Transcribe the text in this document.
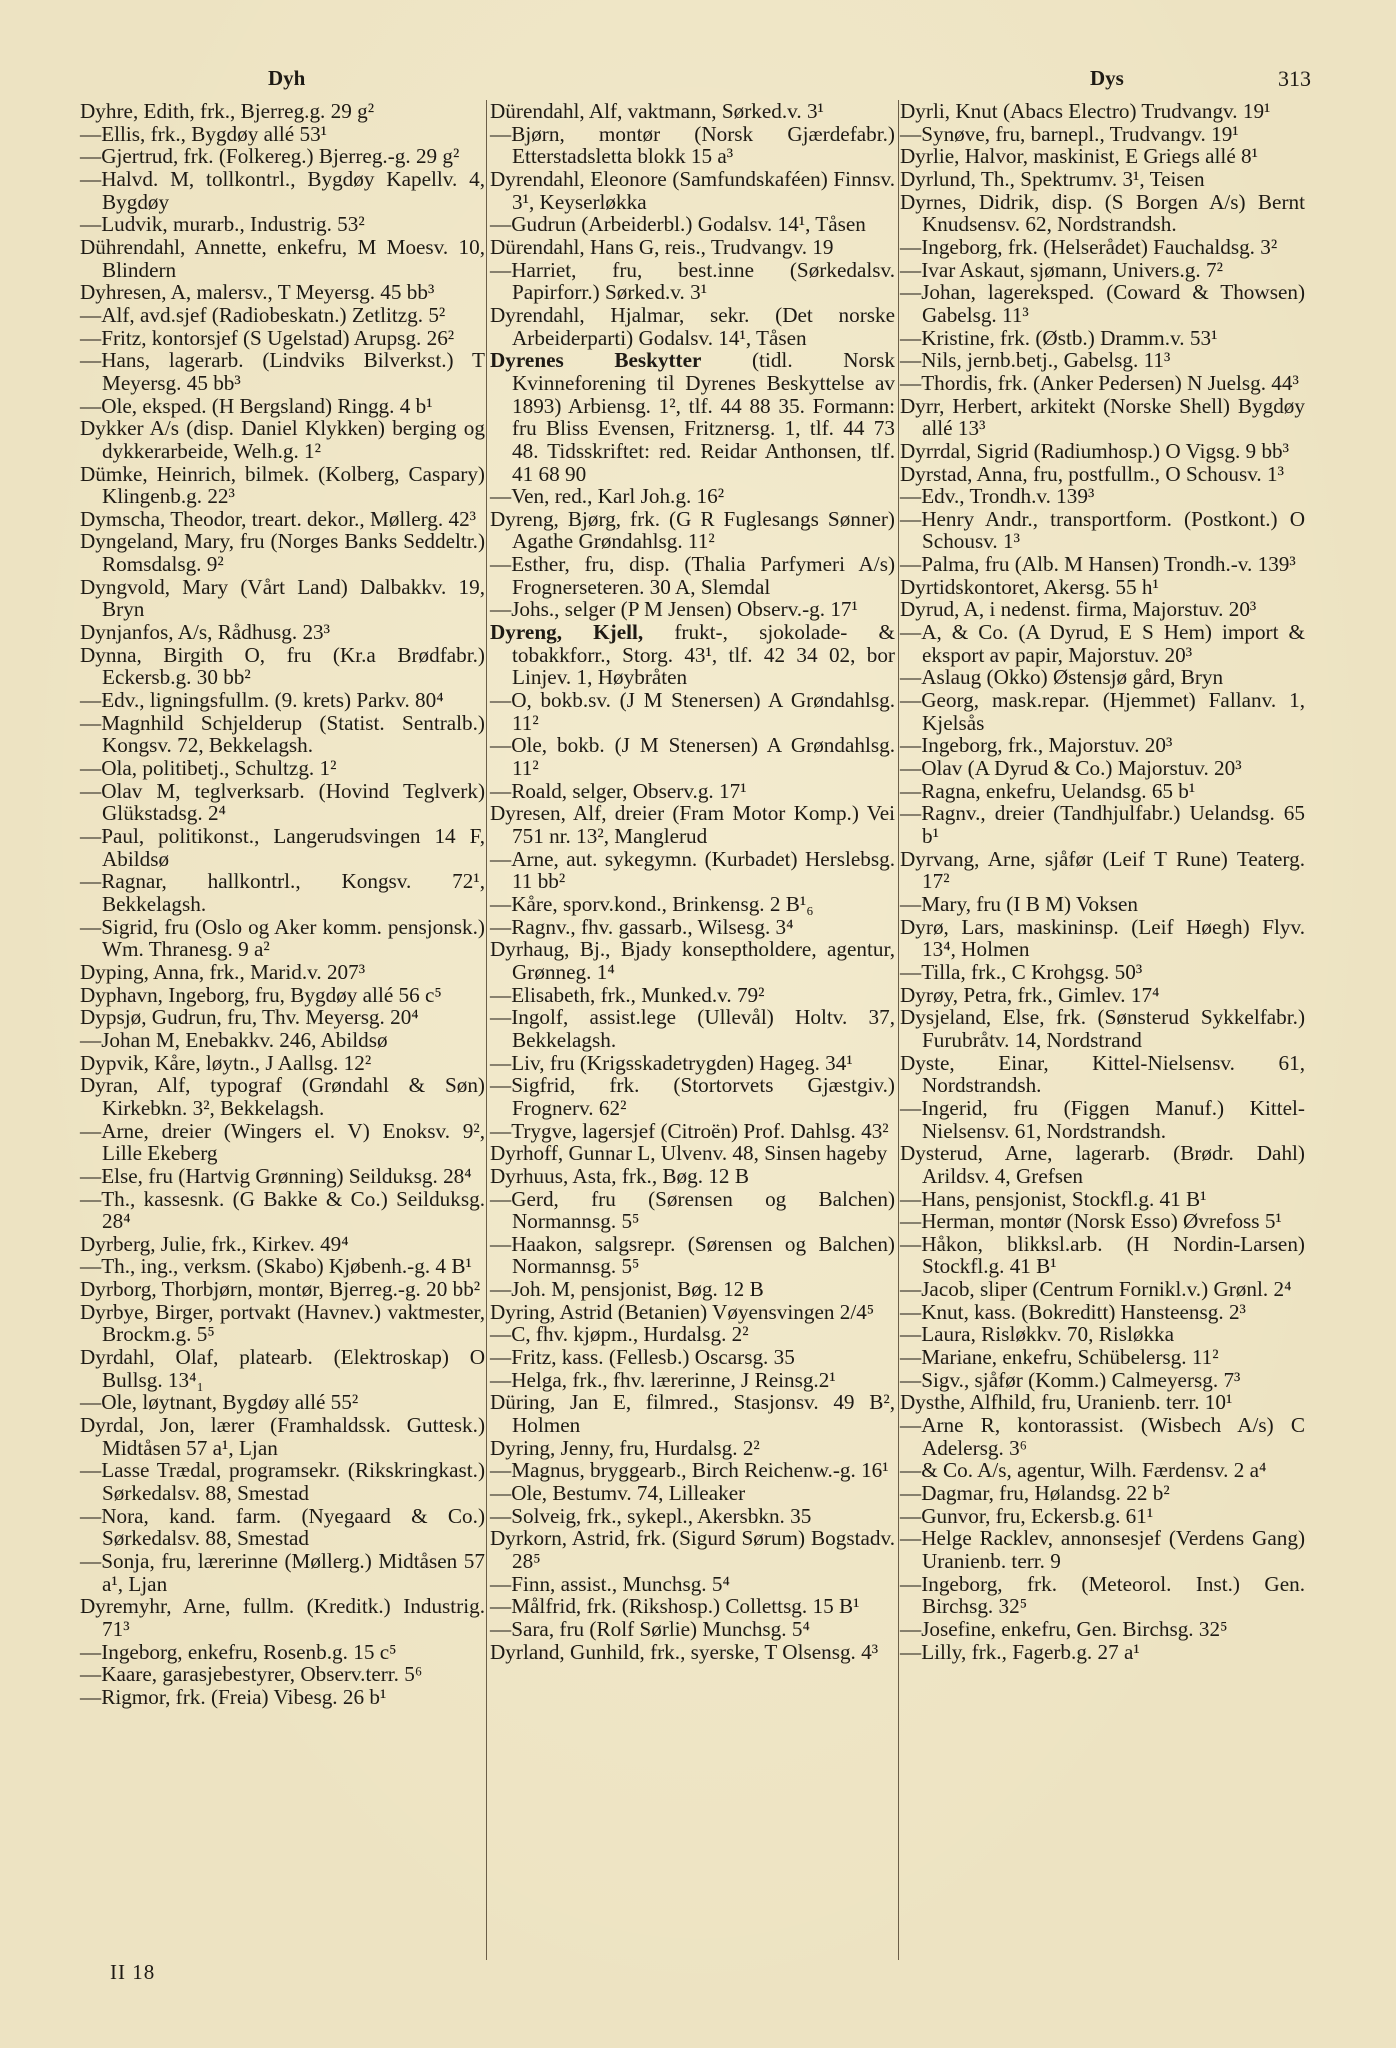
Dyh	Dys	313

Dyhre, Edith, frk., Bjerreg.g. 29 g²

—Ellis, frk., Bygdøy allé 53¹

—Gjertrud, frk. (Folkereg.) Bjerreg.-g. 29 g²

—Halvd. M, tollkontrl., Bygdøy Kapellv. 4, Bygdøy

—Ludvik, murarb., Industrig. 53²

Dührendahl, Annette, enkefru, M Moesv. 10, Blindern

Dyhresen, A, malersv., T Meyersg. 45 bb³

—Alf, avd.sjef (Radiobeskatn.) Zetlitzg. 5²

—Fritz, kontorsjef (S Ugelstad) Arupsg. 26²

—Hans, lagerarb. (Lindviks Bilverkst.) T Meyersg. 45 bb³

—Ole, eksped. (H Bergsland) Ringg. 4 b¹

Dykker A/s (disp. Daniel Klykken) berging og dykkerarbeide, Welh.g. 1²

Dümke, Heinrich, bilmek. (Kolberg, Caspary) Klingenb.g. 22³

Dymscha, Theodor, treart. dekor., Møllerg. 42³

Dyngeland, Mary, fru (Norges Banks Seddeltr.) Romsdalsg. 9²

Dyngvold, Mary (Vårt Land) Dalbakkv. 19, Bryn

Dynjanfos, A/s, Rådhusg. 23³

Dynna, Birgith O, fru (Kr.a Brødfabr.) Eckersb.g. 30 bb²

—Edv., ligningsfullm. (9. krets) Parkv. 80⁴

—Magnhild Schjelderup (Statist. Sentralb.) Kongsv. 72, Bekkelagsh.

—Ola, politibetj., Schultzg. 1²

—Olav M, teglverksarb. (Hovind Teglverk) Glükstadsg. 2⁴

—Paul, politikonst., Langerudsvingen 14 F, Abildsø

—Ragnar, hallkontrl., Kongsv. 72¹, Bekkelagsh.

—Sigrid, fru (Oslo og Aker komm. pensjonsk.) Wm. Thranesg. 9 a²

Dyping, Anna, frk., Marid.v. 207³

Dyphavn, Ingeborg, fru, Bygdøy allé 56 c⁵

Dypsjø, Gudrun, fru, Thv. Meyersg. 20⁴

—Johan M, Enebakkv. 246, Abildsø

Dypvik, Kåre, løytn., J Aallsg. 12²

Dyran, Alf, typograf (Grøndahl & Søn) Kirkebkn. 3², Bekkelagsh.

—Arne, dreier (Wingers el. V) Enoksv. 9², Lille Ekeberg

—Else, fru (Hartvig Grønning) Seilduksg. 28⁴

—Th., kassesnk. (G Bakke & Co.) Seilduksg. 28⁴

Dyrberg, Julie, frk., Kirkev. 49⁴

—Th., ing., verksm. (Skabo) Kjøbenh.-g. 4 B¹

Dyrborg, Thorbjørn, montør, Bjerreg.-g. 20 bb²

Dyrbye, Birger, portvakt (Havnev.) vaktmester, Brockm.g. 5⁵

Dyrdahl, Olaf, platearb. (Elektroskap) O Bullsg. 13⁴₁

—Ole, løytnant, Bygdøy allé 55²

Dyrdal, Jon, lærer (Framhaldssk. Guttesk.) Midtåsen 57 a¹, Ljan

—Lasse Trædal, programsekr. (Rikskringkast.) Sørkedalsv. 88, Smestad

—Nora, kand. farm. (Nyegaard & Co.) Sørkedalsv. 88, Smestad

—Sonja, fru, lærerinne (Møllerg.) Midtåsen 57 a¹, Ljan

Dyremyhr, Arne, fullm. (Kreditk.) Industrig. 71³

—Ingeborg, enkefru, Rosenb.g. 15 c⁵

—Kaare, garasjebestyrer, Observ.terr. 5⁶

—Rigmor, frk. (Freia) Vibesg. 26 b¹

Dürendahl, Alf, vaktmann, Sørked.v. 3¹

—Bjørn, montør (Norsk Gjærdefabr.) Etterstadsletta blokk 15 a³

Dyrendahl, Eleonore (Samfundskaféen) Finnsv. 3¹, Keyserløkka

—Gudrun (Arbeiderbl.) Godalsv. 14¹, Tåsen

Dürendahl, Hans G, reis., Trudvangv. 19

—Harriet, fru, best.inne (Sørkedalsv. Papirforr.) Sørked.v. 3¹

Dyrendahl, Hjalmar, sekr. (Det norske Arbeiderparti) Godalsv. 14¹, Tåsen

Dyrenes Beskytter (tidl. Norsk Kvinneforening til Dyrenes Beskyttelse av 1893) Arbiensg. 1², tlf. 44 88 35. Formann: fru Bliss Evensen, Fritznersg. 1, tlf. 44 73 48. Tidsskriftet: red. Reidar Anthonsen, tlf. 41 68 90

—Ven, red., Karl Joh.g. 16²

Dyreng, Bjørg, frk. (G R Fuglesangs Sønner) Agathe Grøndahlsg. 11²

—Esther, fru, disp. (Thalia Parfymeri A/s) Frognerseteren. 30 A, Slemdal

—Johs., selger (P M Jensen) Observ.-g. 17¹

Dyreng, Kjell, frukt-, sjokolade- & tobakkforr., Storg. 43¹, tlf. 42 34 02, bor Linjev. 1, Høybråten

—O, bokb.sv. (J M Stenersen) A Grøndahlsg. 11²

—Ole, bokb. (J M Stenersen) A Grøndahlsg. 11²

—Roald, selger, Observ.g. 17¹

Dyresen, Alf, dreier (Fram Motor Komp.) Vei 751 nr. 13², Manglerud

—Arne, aut. sykegymn. (Kurbadet) Herslebsg. 11 bb²

—Kåre, sporv.kond., Brinkensg. 2 B¹₆

—Ragnv., fhv. gassarb., Wilsesg. 3⁴

Dyrhaug, Bj., Bjady konseptholdere, agentur, Grønneg. 1⁴

—Elisabeth, frk., Munked.v. 79²

—Ingolf, assist.lege (Ullevål) Holtv. 37, Bekkelagsh.

—Liv, fru (Krigsskadetrygden) Hageg. 34¹

—Sigfrid, frk. (Stortorvets Gjæstgiv.) Frognerv. 62²

—Trygve, lagersjef (Citroën) Prof. Dahlsg. 43²

Dyrhoff, Gunnar L, Ulvenv. 48, Sinsen hageby

Dyrhuus, Asta, frk., Bøg. 12 B

—Gerd, fru (Sørensen og Balchen) Normannsg. 5⁵

—Haakon, salgsrepr. (Sørensen og Balchen) Normannsg. 5⁵

—Joh. M, pensjonist, Bøg. 12 B

Dyring, Astrid (Betanien) Vøyensvingen 2/4⁵

—C, fhv. kjøpm., Hurdalsg. 2²

—Fritz, kass. (Fellesb.) Oscarsg. 35

—Helga, frk., fhv. lærerinne, J Reinsg.2¹

Düring, Jan E, filmred., Stasjonsv. 49 B², Holmen

Dyring, Jenny, fru, Hurdalsg. 2²

—Magnus, bryggearb., Birch Reichenw.-g. 16¹

—Ole, Bestumv. 74, Lilleaker

—Solveig, frk., sykepl., Akersbkn. 35

Dyrkorn, Astrid, frk. (Sigurd Sørum) Bogstadv. 28⁵

—Finn, assist., Munchsg. 5⁴

—Målfrid, frk. (Rikshosp.) Collettsg. 15 B¹

—Sara, fru (Rolf Sørlie) Munchsg. 5⁴

Dyrland, Gunhild, frk., syerske, T Olsensg. 4³

Dyrli, Knut (Abacs Electro) Trudvangv. 19¹

—Synøve, fru, barnepl., Trudvangv. 19¹

Dyrlie, Halvor, maskinist, E Griegs allé 8¹

Dyrlund, Th., Spektrumv. 3¹, Teisen

Dyrnes, Didrik, disp. (S Borgen A/s) Bernt Knudsensv. 62, Nordstrandsh.

—Ingeborg, frk. (Helserådet) Fauchaldsg. 3²

—Ivar Askaut, sjømann, Univers.g. 7²

—Johan, lagereksped. (Coward & Thowsen) Gabelsg. 11³

—Kristine, frk. (Østb.) Dramm.v. 53¹

—Nils, jernb.betj., Gabelsg. 11³

—Thordis, frk. (Anker Pedersen) N Juelsg. 44³

Dyrr, Herbert, arkitekt (Norske Shell) Bygdøy allé 13³

Dyrrdal, Sigrid (Radiumhosp.) O Vigsg. 9 bb³

Dyrstad, Anna, fru, postfullm., O Schousv. 1³

—Edv., Trondh.v. 139³

—Henry Andr., transportform. (Postkont.) O Schousv. 1³

—Palma, fru (Alb. M Hansen) Trondh.-v. 139³

Dyrtidskontoret, Akersg. 55 h¹

Dyrud, A, i nedenst. firma, Majorstuv. 20³

—A, & Co. (A Dyrud, E S Hem) import & eksport av papir, Majorstuv. 20³

—Aslaug (Okko) Østensjø gård, Bryn

—Georg, mask.repar. (Hjemmet) Fallanv. 1, Kjelsås

—Ingeborg, frk., Majorstuv. 20³

—Olav (A Dyrud & Co.) Majorstuv. 20³

—Ragna, enkefru, Uelandsg. 65 b¹

—Ragnv., dreier (Tandhjulfabr.) Uelandsg. 65 b¹

Dyrvang, Arne, sjåfør (Leif T Rune) Teaterg. 17²

—Mary, fru (I B M) Voksen

Dyrø, Lars, maskininsp. (Leif Høegh) Flyv. 13⁴, Holmen

—Tilla, frk., C Krohgsg. 50³

Dyrøy, Petra, frk., Gimlev. 17⁴

Dysjeland, Else, frk. (Sønsterud Sykkelfabr.) Furubråtv. 14, Nordstrand

Dyste, Einar, Kittel-Nielsensv. 61, Nordstrandsh.

—Ingerid, fru (Figgen Manuf.) Kittel-Nielsensv. 61, Nordstrandsh.

Dysterud, Arne, lagerarb. (Brødr. Dahl) Arildsv. 4, Grefsen

—Hans, pensjonist, Stockfl.g. 41 B¹

—Herman, montør (Norsk Esso) Øvrefoss 5¹

—Håkon, blikksl.arb. (H Nordin-Larsen) Stockfl.g. 41 B¹

—Jacob, sliper (Centrum Fornikl.v.) Grønl. 2⁴

—Knut, kass. (Bokreditt) Hansteensg. 2³

—Laura, Risløkkv. 70, Risløkka

—Mariane, enkefru, Schübelersg. 11²

—Sigv., sjåfør (Komm.) Calmeyersg. 7³

Dysthe, Alfhild, fru, Uranienb. terr. 10¹

—Arne R, kontorassist. (Wisbech A/s) C Adelersg. 3⁶

—& Co. A/s, agentur, Wilh. Færdensv. 2 a⁴

—Dagmar, fru, Hølandsg. 22 b²

—Gunvor, fru, Eckersb.g. 61¹

—Helge Racklev, annonsesjef (Verdens Gang) Uranienb. terr. 9

—Ingeborg, frk. (Meteorol. Inst.) Gen. Birchsg. 32⁵

—Josefine, enkefru, Gen. Birchsg. 32⁵

—Lilly, frk., Fagerb.g. 27 a¹

II 18
